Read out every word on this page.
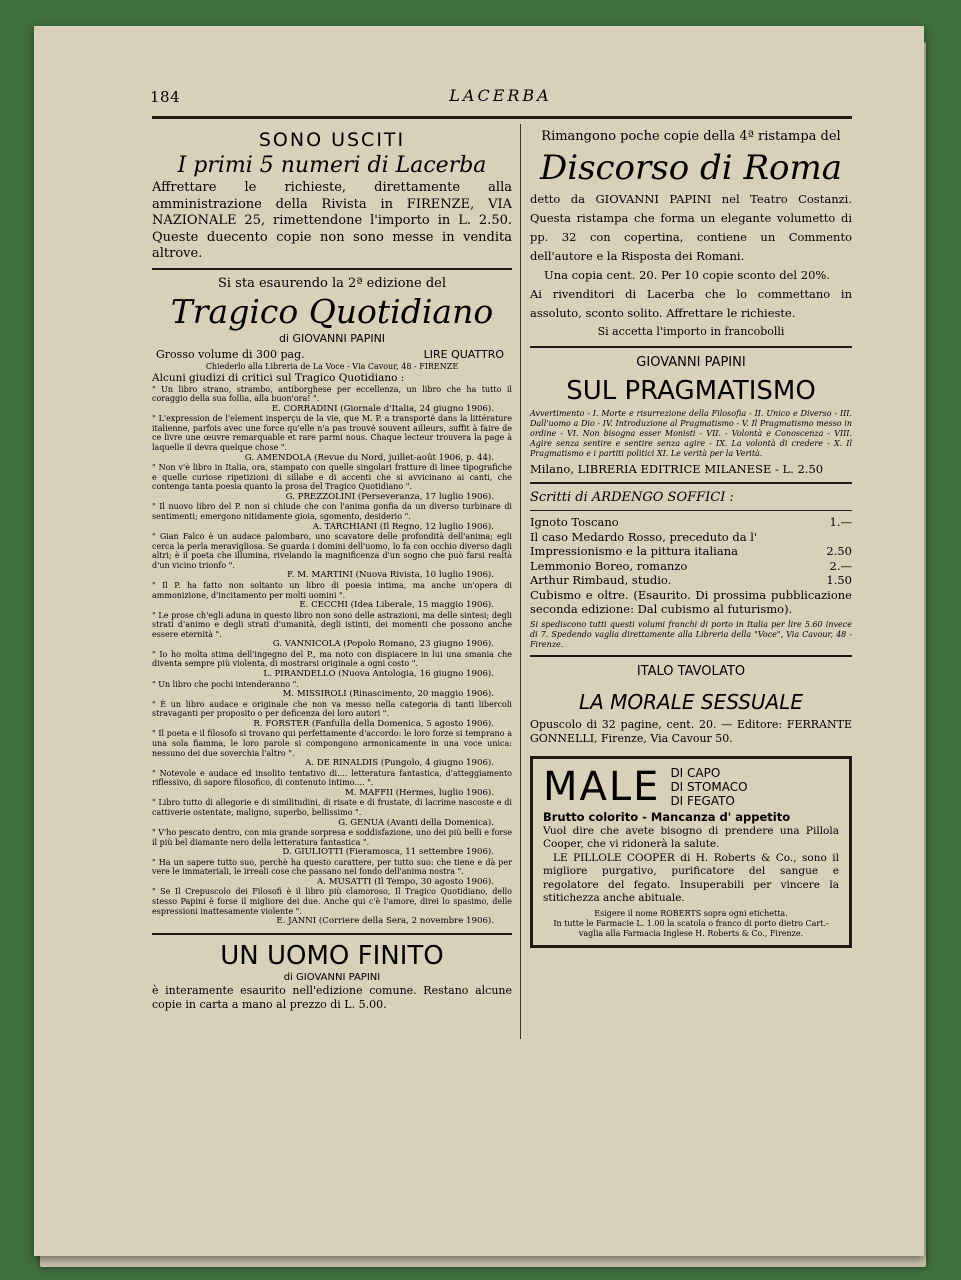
184	LACERBA
SONO USCITI
I primi 5 numeri di Lacerba
Affrettare le richieste, direttamente alla amministrazione della Rivista in FIRENZE, VIA NAZIONALE 25, rimettendone l'importo in L. 2.50. Queste duecento copie non sono messe in vendita altrove.
Si sta esaurendo la 2ª edizione del
Tragico Quotidiano
di GIOVANNI PAPINI
Grosso volume di 300 pag.	LIRE QUATTRO
Chiederlo alla Libreria de La Voce - Via Cavour, 48 - FIRENZE
Alcuni giudizi di critici sul Tragico Quotidiano :
" Un libro strano, strambo, antiborghese per eccellenza, un libro che ha tutto il coraggio della sua follia, alla buon'ora! ".
E. CORRADINI (Giornale d'Italia, 24 giugno 1906).
" L'expression de l'element insperçu de la vie, que M. P. a transporté dans la littérature italienne, parfois avec une force qu'elle n'a pas trouvé souvent ailleurs, suffit à faire de ce livre une œuvre remarquable et rare parmi nous. Chaque lecteur trouvera la page à laquelle il devra quelque chose ".
G. AMENDOLA (Revue du Nord, juillet-août 1906, p. 44).
" Non v'è libro in Italia, ora, stampato con quelle singolari fratture di linee tipografiche e quelle curiose ripetizioni di sillabe e di accenti che si avvicinano ai canti, che contenga tanta poesia quanto la prosa del Tragico Quotidiano ".
G. PREZZOLINI (Perseveranza, 17 luglio 1906).
" Il nuovo libro del P. non si chiude che con l'anima gonfia da un diverso turbinare di sentimenti; emergono nitidamente gioia, sgomento, desiderio ".
A. TARCHIANI (Il Regno, 12 luglio 1906).
" Gian Falco è un audace palombaro, uno scavatore delle profondità dell'anima; egli cerca la perla meravigliosa. Se guarda i domini dell'uomo, lo fa con occhio diverso dagli altri; è il poeta che illumina, rivelando la magnificenza d'un sogno che può farsi realtà d'un vicino trionfo ".
F. M. MARTINI (Nuova Rivista, 10 luglio 1906).
" Il P. ha fatto non soltanto un libro di poesia intima, ma anche un'opera di ammonizione, d'incitamento per molti uomini ".
E. CECCHI (Idea Liberale, 15 maggio 1906).
" Le prose ch'egli aduna in questo libro non sono delle astrazioni, ma delle sintesi; degli strati d'animo e degli strati d'umanità, degli istinti, dei momenti che possono anche essere eternità ".
G. VANNICOLA (Popolo Romano, 23 giugno 1906).
" Io ho molta stima dell'ingegno del P., ma noto con dispiacere in lui una smania che diventa sempre più violenta, di mostrarsi originale a ogni costo ".
L. PIRANDELLO (Nuova Antologia, 16 giugno 1906).
" Un libro che pochi intenderanno ".
M. MISSIROLI (Rinascimento, 20 maggio 1906).
" È un libro audace e originale che non va messo nella categoria di tanti libercoli stravaganti per proposito o per deficenza dei loro autori ".
R. FORSTER (Fanfulla della Domenica, 5 agosto 1906).
" Il poeta e il filosofo si trovano qui perfettamente d'accordo: le loro forze si temprano a una sola fiamma, le loro parole si compongono armonicamente in una voce unica: nessuno dei due soverchia l'altro ".
A. DE RINALDIS (Pungolo, 4 giugno 1906).
" Notevole e audace ed insolito tentativo di.... letteratura fantastica, d'atteggiamento riflessivo, di sapore filosofico, di contenuto intimo.... ".
M. MAFFII (Hermes, luglio 1906).
" Libro tutto di allegorie e di similitudini, di risate e di frustate, di lacrime nascoste e di cattiverie ostentate, maligno, superbo, bellissimo ".
G. GENUA (Avanti della Domenica).
" V'ho pescato dentro, con mia grande sorpresa e soddisfazione, uno dei più belli e forse il più bel diamante nero della letteratura fantastica ".
D. GIULIOTTI (Fieramosca, 11 settembre 1906).
" Ha un sapere tutto suo, perchè ha questo carattere, per tutto suo: che tiene e dà per vere le immateriali, le irreali cose che passano nel fondo dell'anima nostra ".
A. MUSATTI (Il Tempo, 30 agosto 1906).
" Se Il Crepuscolo dei Filosofi è il libro più clamoroso, Il Tragico Quotidiano, dello stesso Papini è forse il migliore dei due. Anche qui c'è l'amore, direi lo spasimo, delle espressioni inattesamente violente ".
E. JANNI (Corriere della Sera, 2 novembre 1906).
UN UOMO FINITO
di GIOVANNI PAPINI
è interamente esaurito nell'edizione comune. Restano alcune copie in carta a mano al prezzo di L. 5.00.
Rimangono poche copie della 4ª ristampa del
Discorso di Roma
detto da GIOVANNI PAPINI nel Teatro Costanzi. Questa ristampa che forma un elegante volumetto di pp. 32 con copertina, contiene un Commento dell'autore e la Risposta dei Romani.
Una copia cent. 20. Per 10 copie sconto del 20%.
Ai rivenditori di Lacerba che lo commettano in assoluto, sconto solito. Affrettare le richieste.
Si accetta l'importo in francobolli
GIOVANNI PAPINI
SUL PRAGMATISMO
Avvertimento - I. Morte e risurrezione della Filosofia - II. Unico e Diverso - III. Dall'uomo a Dio - IV. Introduzione al Pragmatismo - V. Il Pragmatismo messo in ordine - VI. Non bisogna esser Monisti - VII. - Volontà e Conoscenza - VIII. Agire senza sentire e sentire senza agire - IX. La volontà di credere - X. Il Pragmatismo e i partiti politici XI. Le verità per la Verità.
Milano, LIBRERIA EDITRICE MILANESE - L. 2.50
Scritti di ARDENGO SOFFICI :
Ignoto Toscano	1.—
Il caso Medardo Rosso, preceduto da l' Impressionismo e la pittura italiana	2.50
Lemmonio Boreo, romanzo	2.—
Arthur Rimbaud, studio.	1.50
Cubismo e oltre. (Esaurito. Di prossima pubblicazione seconda edizione: Dal cubismo al futurismo).
Si spediscono tutti questi volumi franchi di porto in Italia per lire 5.60 invece di 7. Spedendo vaglia direttamente alla Libreria della "Voce", Via Cavour, 48 - Firenze.
ITALO TAVOLATO
LA MORALE SESSUALE
Opuscolo di 32 pagine, cent. 20. — Editore: FERRANTE GONNELLI, Firenze, Via Cavour 50.
MALE DI CAPO
DI STOMACO
DI FEGATO
Brutto colorito - Mancanza d' appetito
Vuol dire che avete bisogno di prendere una Pillola Cooper, che vi ridonerà la salute.
LE PILLOLE COOPER di H. Roberts & Co., sono il migliore purgativo, purificatore del sangue e regolatore del fegato. Insuperabili per vincere la stitichezza anche abituale.
Esigere il nome ROBERTS sopra ogni etichetta.
In tutte le Farmacie L. 1.00 la scatola o franco di porto dietro Cart.-vaglia alla Farmacia Inglese H. Roberts & Co., Firenze.
